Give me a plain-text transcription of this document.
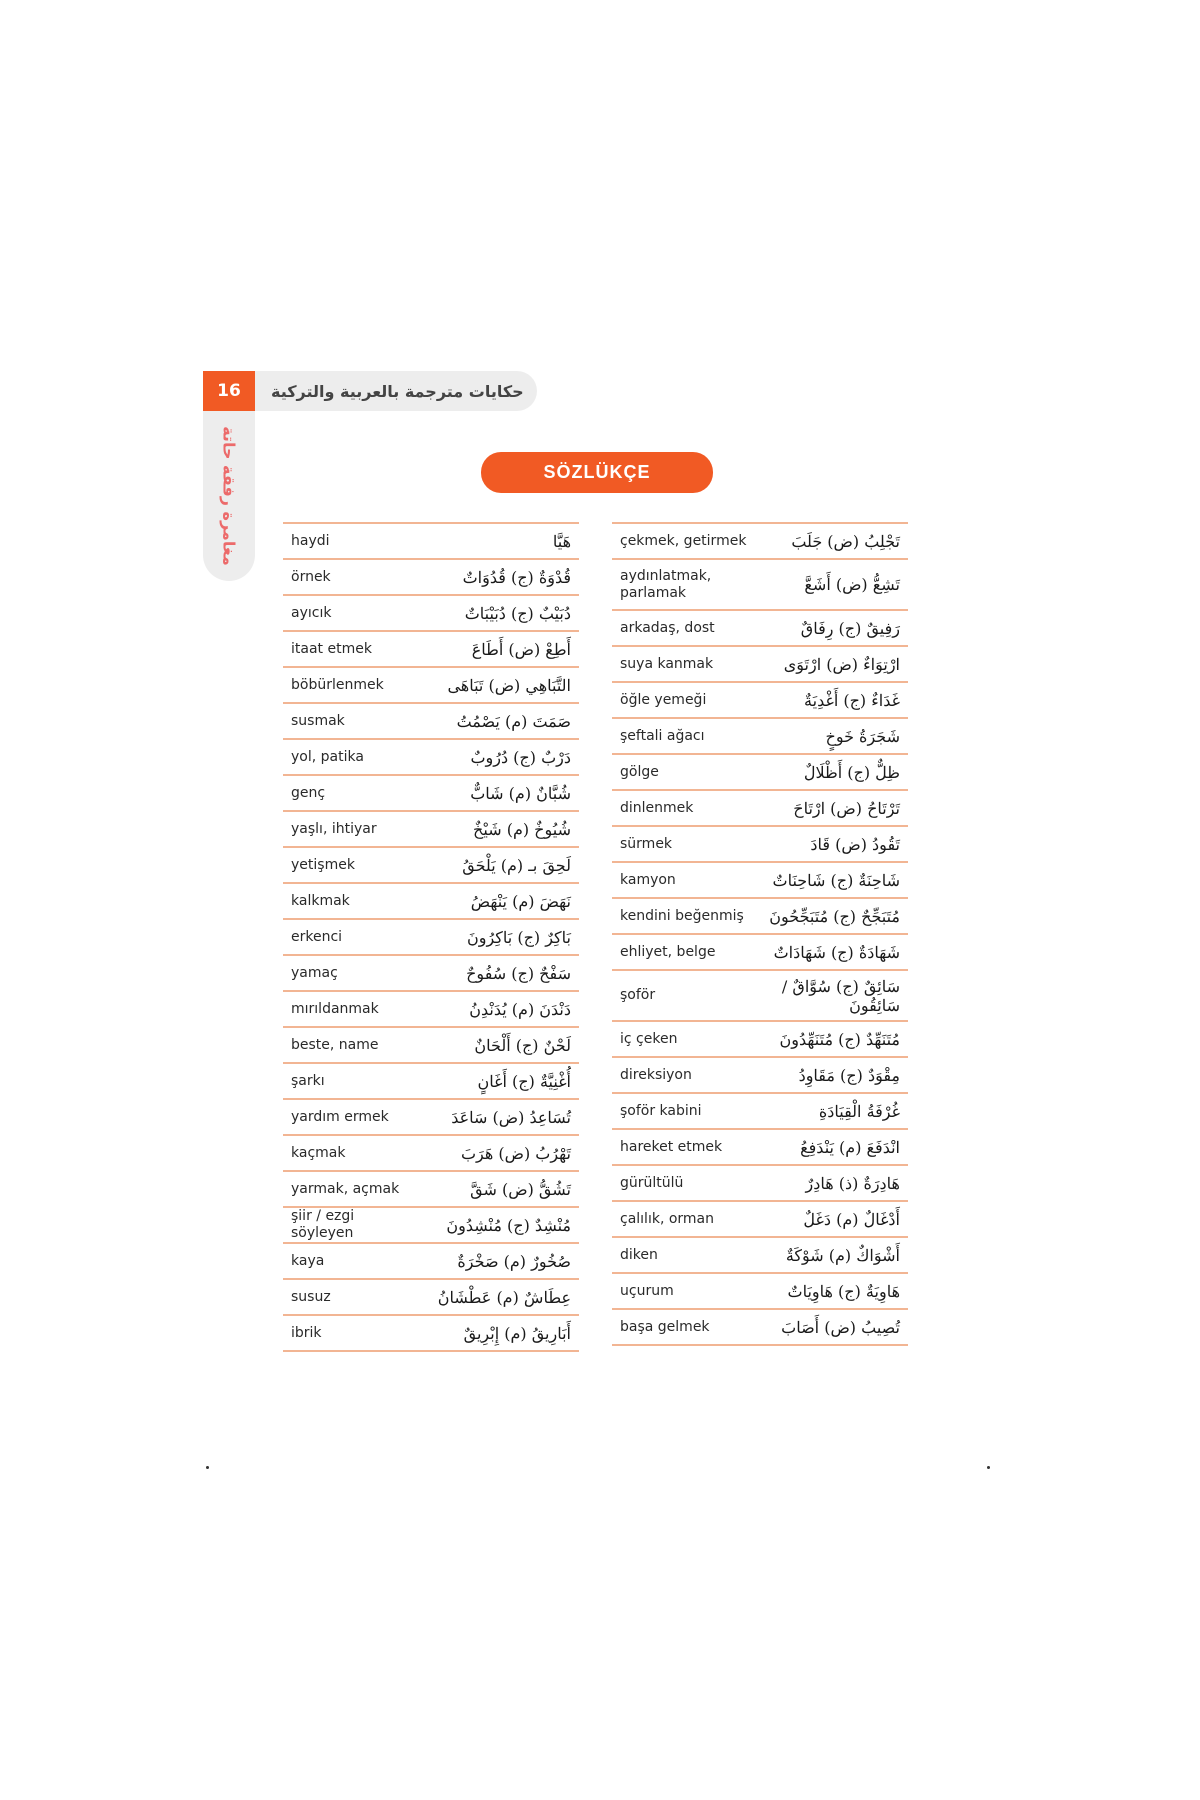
16	حكايات مترجمة بالعربية والتركية
مغامرة رفقة حاتة	SÖZLÜKÇE
haydi	هَيَّا
örnek	قُدْوَةٌ (ج) قُدُوَاتٌ
ayıcık	دُبَيْبٌ (ج) دُبَيْبَاتٌ
itaat etmek	أَطِعْ (ض) أَطَاعَ
böbürlenmek	التَّبَاهِي (ض) تَبَاهَى
susmak	صَمَتَ (م) يَصْمُتُ
yol, patika	دَرْبٌ (ج) دُرُوبٌ
genç	شُبَّانٌ (م) شَابٌّ
yaşlı, ihtiyar	شُيُوخٌ (م) شَيْخٌ
yetişmek	لَحِقَ بـ (م) يَلْحَقُ
kalkmak	نَهَضَ (م) يَنْهَضُ
erkenci	بَاكِرٌ (ج) بَاكِرُونَ
yamaç	سَفْحٌ (ج) سُفُوحٌ
mırıldanmak	دَنْدَنَ (م) يُدَنْدِنُ
beste, name	لَحْنٌ (ج) أَلْحَانٌ
şarkı	أُغْنِيَّةٌ (ج) أَغَانٍ
yardım ermek	تُسَاعِدُ (ض) سَاعَدَ
kaçmak	تَهْرُبُ (ض) هَرَبَ
yarmak, açmak	تَشُقُّ (ض) شَقَّ
şiir / ezgi söyleyen	مُنْشِدٌ (ج) مُنْشِدُونَ
kaya	صُخُورٌ (م) صَخْرَةٌ
susuz	عِطَاشٌ (م) عَطْشَانُ
ibrik	أَبَارِيقُ (م) إِبْرِيقٌ
çekmek, getirmek	تَجْلِبُ (ض) جَلَبَ
aydınlatmak, parlamak	تَشِعُّ (ض) أَشَعَّ
arkadaş, dost	رَفِيقٌ (ج) رِفَاقٌ
suya kanmak	ارْتِوَاءٌ (ض) ارْتَوَى
öğle yemeği	غَدَاءٌ (ج) أَغْدِيَةٌ
şeftali ağacı	شَجَرَةُ خَوخٍ
gölge	ظِلٌّ (ج) أَظْلَالٌ
dinlenmek	تَرْتَاحُ (ض) ارْتَاحَ
sürmek	تَقُودُ (ض) قَادَ
kamyon	شَاحِنَةٌ (ج) شَاحِنَاتٌ
kendini beğenmiş مُتَبَجِّحٌ (ج) مُتَبَجِّحُونَ
ehliyet, belge	شَهَادَةٌ (ج) شَهَادَاتٌ
şoför	سَائِقٌ (ج) سُوَّاقٌ / سَائِقُونَ
iç çeken	مُتَنَهِّدٌ (ج) مُتَنَهِّدُونَ
direksiyon	مِقْوَدٌ (ج) مَقَاوِدُ
şoför kabini	غُرْفَةُ الْقِيَادَةِ
hareket etmek	انْدَفَعَ (م) يَنْدَفِعُ
gürültülü	هَادِرَةٌ (ذ) هَادِرٌ
çalılık, orman	أَدْغَالٌ (م) دَغَلٌ
diken	أَشْوَاكٌ (م) شَوْكَةٌ
uçurum	هَاوِيَةٌ (ج) هَاوِيَاتٌ
başa gelmek	تُصِيبُ (ض) أَصَابَ
